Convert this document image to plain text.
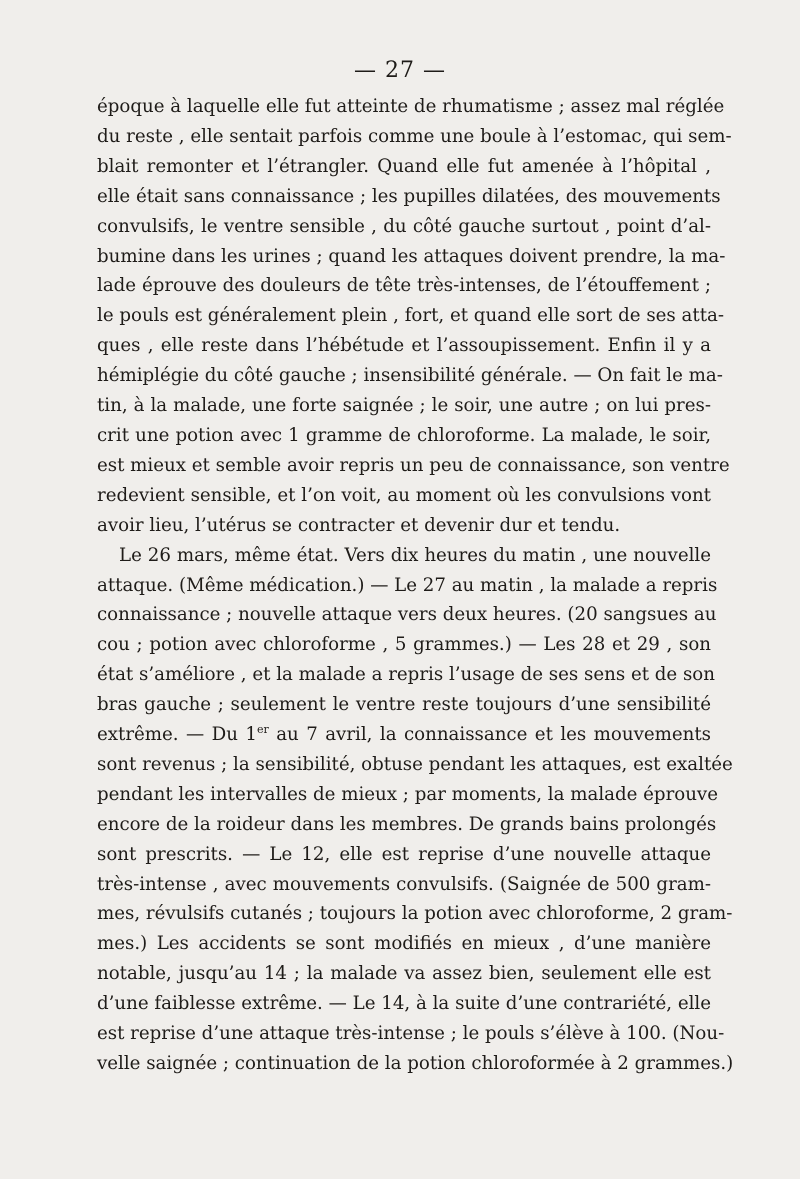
— 27 —
époque à laquelle elle fut atteinte de rhumatisme ; assez mal réglée
du reste , elle sentait parfois comme une boule à l’estomac, qui sem-
blait remonter et l’étrangler. Quand elle fut amenée à l’hôpital ,
elle était sans connaissance ; les pupilles dilatées, des mouvements
convulsifs, le ventre sensible , du côté gauche surtout , point d’al-
bumine dans les urines ; quand les attaques doivent prendre, la ma-
lade éprouve des douleurs de tête très-intenses, de l’étouffement ;
le pouls est généralement plein , fort, et quand elle sort de ses atta-
ques , elle reste dans l’hébétude et l’assoupissement. Enfin il y a
hémiplégie du côté gauche ; insensibilité générale. — On fait le ma-
tin, à la malade, une forte saignée ; le soir, une autre ; on lui pres-
crit une potion avec 1 gramme de chloroforme. La malade, le soir,
est mieux et semble avoir repris un peu de connaissance, son ventre
redevient sensible, et l’on voit, au moment où les convulsions vont
avoir lieu, l’utérus se contracter et devenir dur et tendu.
Le 26 mars, même état. Vers dix heures du matin , une nouvelle
attaque. (Même médication.) — Le 27 au matin , la malade a repris
connaissance ; nouvelle attaque vers deux heures. (20 sangsues au
cou ; potion avec chloroforme , 5 grammes.) — Les 28 et 29 , son
état s’améliore , et la malade a repris l’usage de ses sens et de son
bras gauche ; seulement le ventre reste toujours d’une sensibilité
extrême. — Du 1er au 7 avril, la connaissance et les mouvements
sont revenus ; la sensibilité, obtuse pendant les attaques, est exaltée
pendant les intervalles de mieux ; par moments, la malade éprouve
encore de la roideur dans les membres. De grands bains prolongés
sont prescrits. — Le 12, elle est reprise d’une nouvelle attaque
très-intense , avec mouvements convulsifs. (Saignée de 500 gram-
mes, révulsifs cutanés ; toujours la potion avec chloroforme, 2 gram-
mes.) Les accidents se sont modifiés en mieux , d’une manière
notable, jusqu’au 14 ; la malade va assez bien, seulement elle est
d’une faiblesse extrême. — Le 14, à la suite d’une contrariété, elle
est reprise d’une attaque très-intense ; le pouls s’élève à 100. (Nou-
velle saignée ; continuation de la potion chloroformée à 2 grammes.)
